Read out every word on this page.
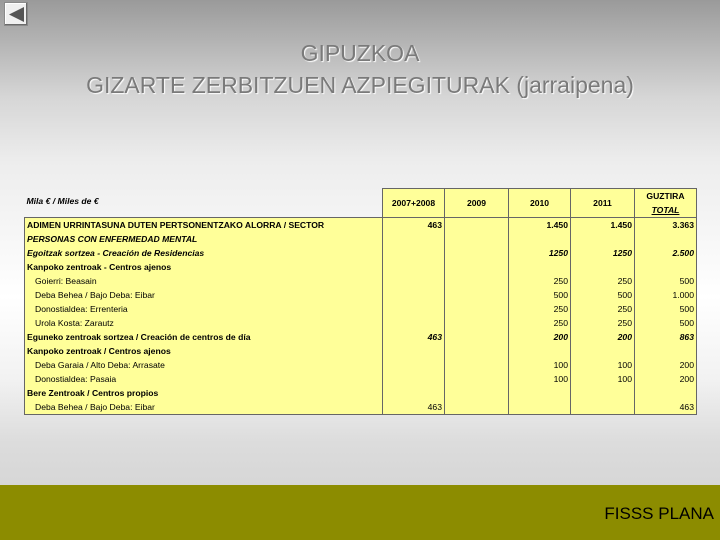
GIPUZKOA
GIZARTE ZERBITZUEN AZPIEGITURAK (jarraipena)
Mila € / Miles de €	2007+2008	2009	2010	2011	GUZTIRA
TOTAL
ADIMEN URRINTASUNA DUTEN PERTSONENTZAKO ALORRA / SECTOR	463		1.450	1.450	3.363
PERSONAS CON ENFERMEDAD MENTAL					
Egoitzak sortzea - Creación de Residencias			1250	1250	2.500
Kanpoko zentroak - Centros ajenos					
Goierri: Beasain			250	250	500
Deba Behea / Bajo Deba: Eibar			500	500	1.000
Donostialdea: Errenteria			250	250	500
Urola Kosta: Zarautz			250	250	500
Eguneko zentroak sortzea / Creación de centros de día	463		200	200	863
Kanpoko zentroak / Centros ajenos					
Deba Garaia / Alto Deba: Arrasate			100	100	200
Donostialdea: Pasaia			100	100	200
Bere Zentroak / Centros propios					
Deba Behea / Bajo Deba: Eibar	463				463
FISSS PLANA
